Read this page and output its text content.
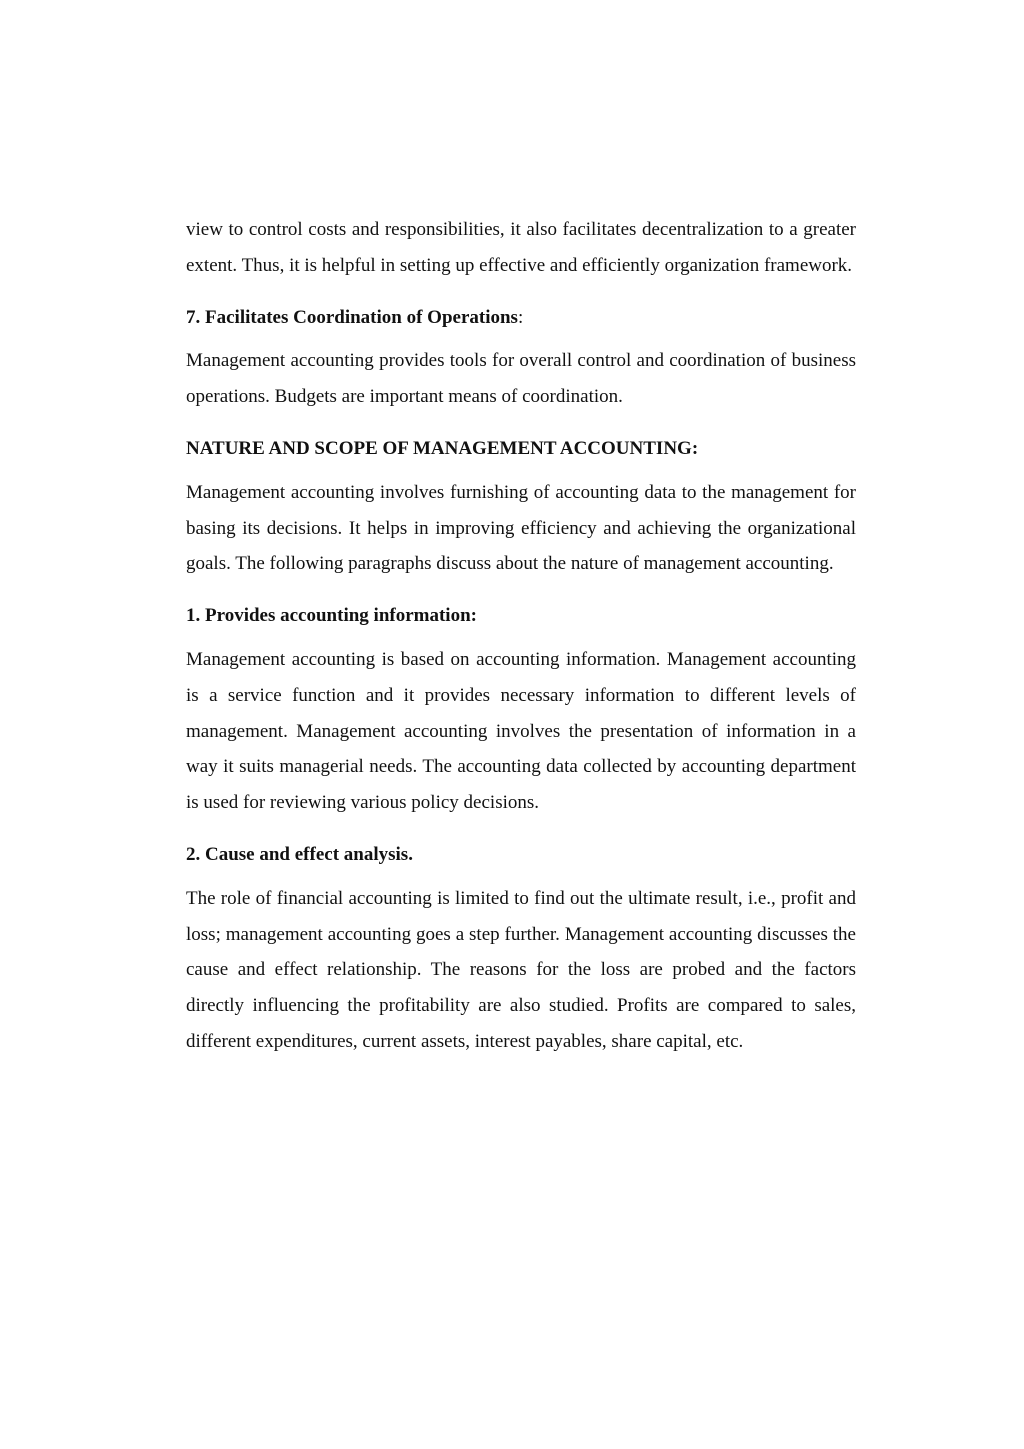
view to control costs and responsibilities, it also facilitates decentralization to a greater extent. Thus, it is helpful in setting up effective and efficiently organization framework.

7. Facilitates Coordination of Operations:

Management accounting provides tools for overall control and coordination of business operations. Budgets are important means of coordination.

NATURE AND SCOPE OF MANAGEMENT ACCOUNTING:

Management accounting involves furnishing of accounting data to the management for basing its decisions. It helps in improving efficiency and achieving the organizational goals. The following paragraphs discuss about the nature of management accounting.

1. Provides accounting information:

Management accounting is based on accounting information. Management accounting is a service function and it provides necessary information to different levels of management. Management accounting involves the presentation of information in a way it suits managerial needs. The accounting data collected by accounting department is used for reviewing various policy decisions.

2. Cause and effect analysis.

The role of financial accounting is limited to find out the ultimate result, i.e., profit and loss; management accounting goes a step further. Management accounting discusses the cause and effect relationship. The reasons for the loss are probed and the factors directly influencing the profitability are also studied. Profits are compared to sales, different expenditures, current assets, interest payables, share capital, etc.
